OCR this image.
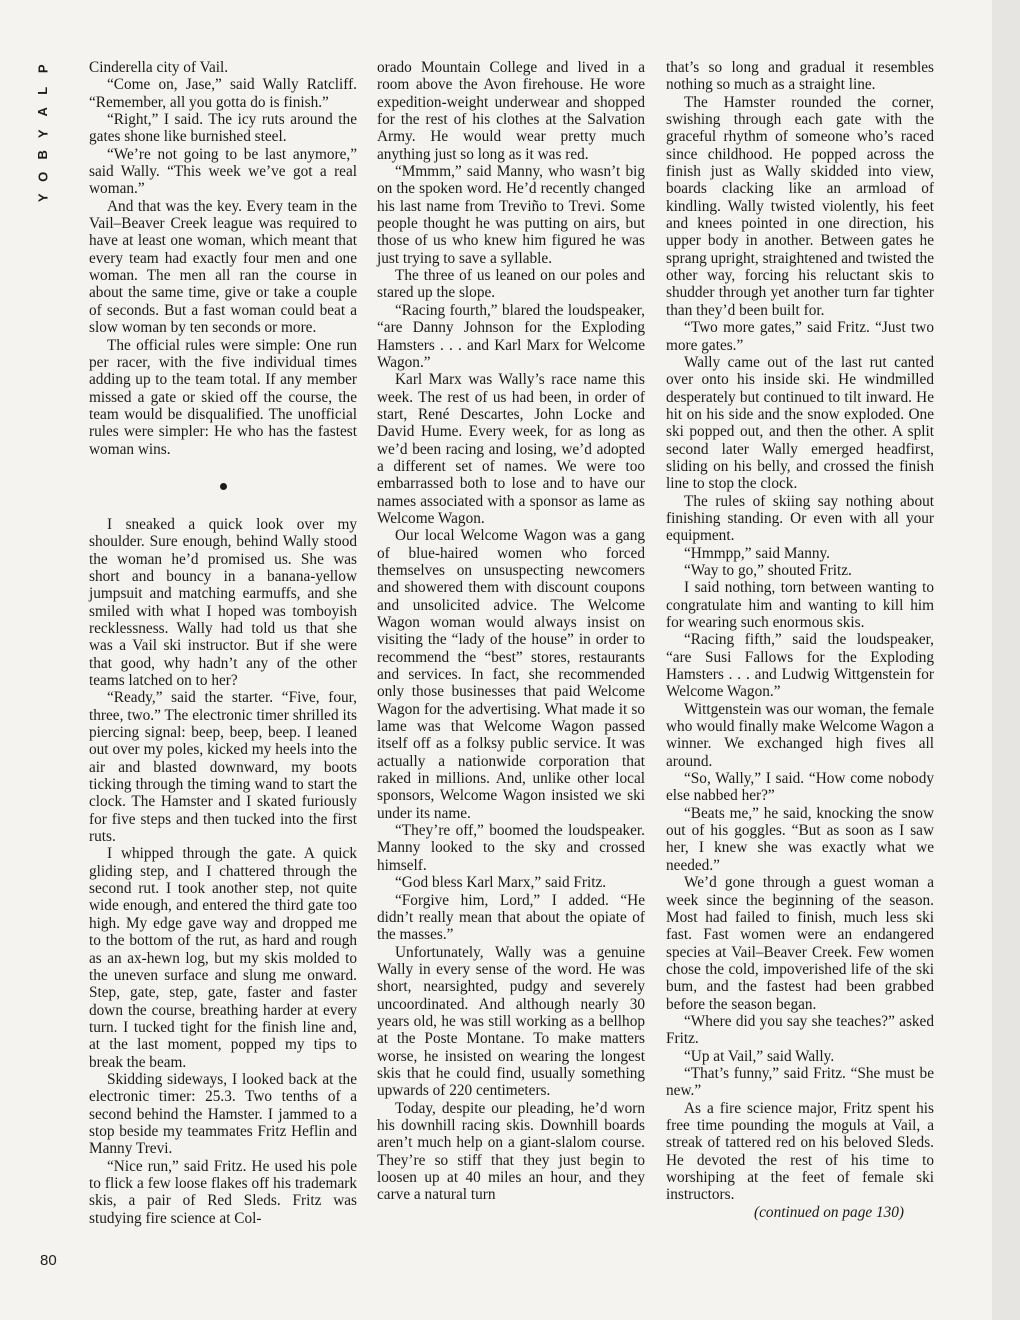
P
L
A
Y
B
O
Y

Cinderella city of Vail.

“Come on, Jase,” said Wally Ratcliff. “Remember, all you gotta do is finish.”

“Right,” I said. The icy ruts around the gates shone like burnished steel.

“We’re not going to be last anymore,” said Wally. “This week we’ve got a real woman.”

And that was the key. Every team in the Vail–Beaver Creek league was required to have at least one woman, which meant that every team had exactly four men and one woman. The men all ran the course in about the same time, give or take a couple of seconds. But a fast woman could beat a slow woman by ten seconds or more.

The official rules were simple: One run per racer, with the five individual times adding up to the team total. If any member missed a gate or skied off the course, the team would be disqualified. The unofficial rules were simpler: He who has the fastest woman wins.

I sneaked a quick look over my shoulder. Sure enough, behind Wally stood the woman he’d promised us. She was short and bouncy in a banana-yellow jumpsuit and matching earmuffs, and she smiled with what I hoped was tomboyish recklessness. Wally had told us that she was a Vail ski instructor. But if she were that good, why hadn’t any of the other teams latched on to her?

“Ready,” said the starter. “Five, four, three, two.” The electronic timer shrilled its piercing signal: beep, beep, beep. I leaned out over my poles, kicked my heels into the air and blasted downward, my boots ticking through the timing wand to start the clock. The Hamster and I skated furiously for five steps and then tucked into the first ruts.

I whipped through the gate. A quick gliding step, and I chattered through the second rut. I took another step, not quite wide enough, and entered the third gate too high. My edge gave way and dropped me to the bottom of the rut, as hard and rough as an ax-hewn log, but my skis molded to the uneven surface and slung me onward. Step, gate, step, gate, faster and faster down the course, breathing harder at every turn. I tucked tight for the finish line and, at the last moment, popped my tips to break the beam.

Skidding sideways, I looked back at the electronic timer: 25.3. Two tenths of a second behind the Hamster. I jammed to a stop beside my teammates Fritz Heflin and Manny Trevi.

“Nice run,” said Fritz. He used his pole to flick a few loose flakes off his trademark skis, a pair of Red Sleds. Fritz was studying fire science at Col-

orado Mountain College and lived in a room above the Avon firehouse. He wore expedition-weight underwear and shopped for the rest of his clothes at the Salvation Army. He would wear pretty much anything just so long as it was red.

“Mmmm,” said Manny, who wasn’t big on the spoken word. He’d recently changed his last name from Treviño to Trevi. Some people thought he was putting on airs, but those of us who knew him figured he was just trying to save a syllable.

The three of us leaned on our poles and stared up the slope.

“Racing fourth,” blared the loudspeaker, “are Danny Johnson for the Exploding Hamsters . . . and Karl Marx for Welcome Wagon.”

Karl Marx was Wally’s race name this week. The rest of us had been, in order of start, René Descartes, John Locke and David Hume. Every week, for as long as we’d been racing and losing, we’d adopted a different set of names. We were too embarrassed both to lose and to have our names associated with a sponsor as lame as Welcome Wagon.

Our local Welcome Wagon was a gang of blue-haired women who forced themselves on unsuspecting newcomers and showered them with discount coupons and unsolicited advice. The Welcome Wagon woman would always insist on visiting the “lady of the house” in order to recommend the “best” stores, restaurants and services. In fact, she recommended only those businesses that paid Welcome Wagon for the advertising. What made it so lame was that Welcome Wagon passed itself off as a folksy public service. It was actually a nationwide corporation that raked in millions. And, unlike other local sponsors, Welcome Wagon insisted we ski under its name.

“They’re off,” boomed the loudspeaker. Manny looked to the sky and crossed himself.

“God bless Karl Marx,” said Fritz.

“Forgive him, Lord,” I added. “He didn’t really mean that about the opiate of the masses.”

Unfortunately, Wally was a genuine Wally in every sense of the word. He was short, nearsighted, pudgy and severely uncoordinated. And although nearly 30 years old, he was still working as a bellhop at the Poste Montane. To make matters worse, he insisted on wearing the longest skis that he could find, usually something upwards of 220 centimeters.

Today, despite our pleading, he’d worn his downhill racing skis. Downhill boards aren’t much help on a giant-slalom course. They’re so stiff that they just begin to loosen up at 40 miles an hour, and they carve a natural turn

that’s so long and gradual it resembles nothing so much as a straight line.

The Hamster rounded the corner, swishing through each gate with the graceful rhythm of someone who’s raced since childhood. He popped across the finish just as Wally skidded into view, boards clacking like an armload of kindling. Wally twisted violently, his feet and knees pointed in one direction, his upper body in another. Between gates he sprang upright, straightened and twisted the other way, forcing his reluctant skis to shudder through yet another turn far tighter than they’d been built for.

“Two more gates,” said Fritz. “Just two more gates.”

Wally came out of the last rut canted over onto his inside ski. He windmilled desperately but continued to tilt inward. He hit on his side and the snow exploded. One ski popped out, and then the other. A split second later Wally emerged headfirst, sliding on his belly, and crossed the finish line to stop the clock.

The rules of skiing say nothing about finishing standing. Or even with all your equipment.

“Hmmpp,” said Manny.

“Way to go,” shouted Fritz.

I said nothing, torn between wanting to congratulate him and wanting to kill him for wearing such enormous skis.

“Racing fifth,” said the loudspeaker, “are Susi Fallows for the Exploding Hamsters . . . and Ludwig Wittgenstein for Welcome Wagon.”

Wittgenstein was our woman, the female who would finally make Welcome Wagon a winner. We exchanged high fives all around.

“So, Wally,” I said. “How come nobody else nabbed her?”

“Beats me,” he said, knocking the snow out of his goggles. “But as soon as I saw her, I knew she was exactly what we needed.”

We’d gone through a guest woman a week since the beginning of the season. Most had failed to finish, much less ski fast. Fast women were an endangered species at Vail–Beaver Creek. Few women chose the cold, impoverished life of the ski bum, and the fastest had been grabbed before the season began.

“Where did you say she teaches?” asked Fritz.

“Up at Vail,” said Wally.

“That’s funny,” said Fritz. “She must be new.”

As a fire science major, Fritz spent his free time pounding the moguls at Vail, a streak of tattered red on his beloved Sleds. He devoted the rest of his time to worshiping at the feet of female ski instructors.

(continued on page 130)

80
